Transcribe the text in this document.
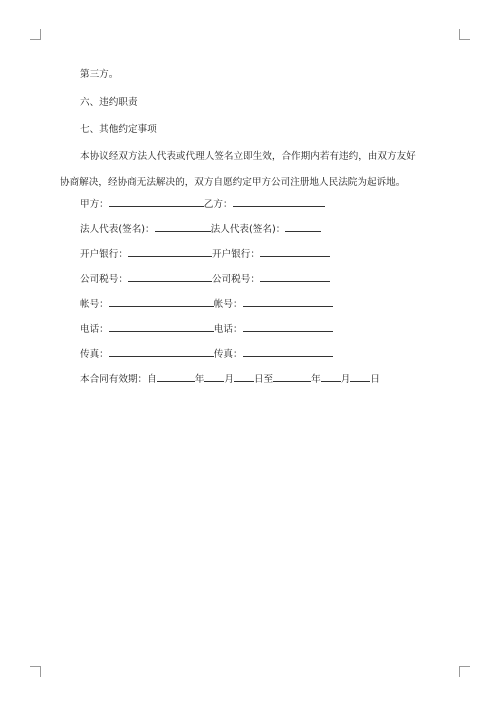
第三方。
六、违约职责
七、其他约定事项
本协议经双方法人代表或代理人签名立即生效，合作期内若有违约，由双方友好
协商解决，经协商无法解决的，双方自愿约定甲方公司注册地人民法院为起诉地。
甲方：	乙方：
法人代表(签名)：	法人代表(签名)：
开户银行：	开户银行：
公司税号：	公司税号：
帐号：	帐号：
电话：	电话：
传真：	传真：
本合同有效期：自	年 月 日至	年 月 日
